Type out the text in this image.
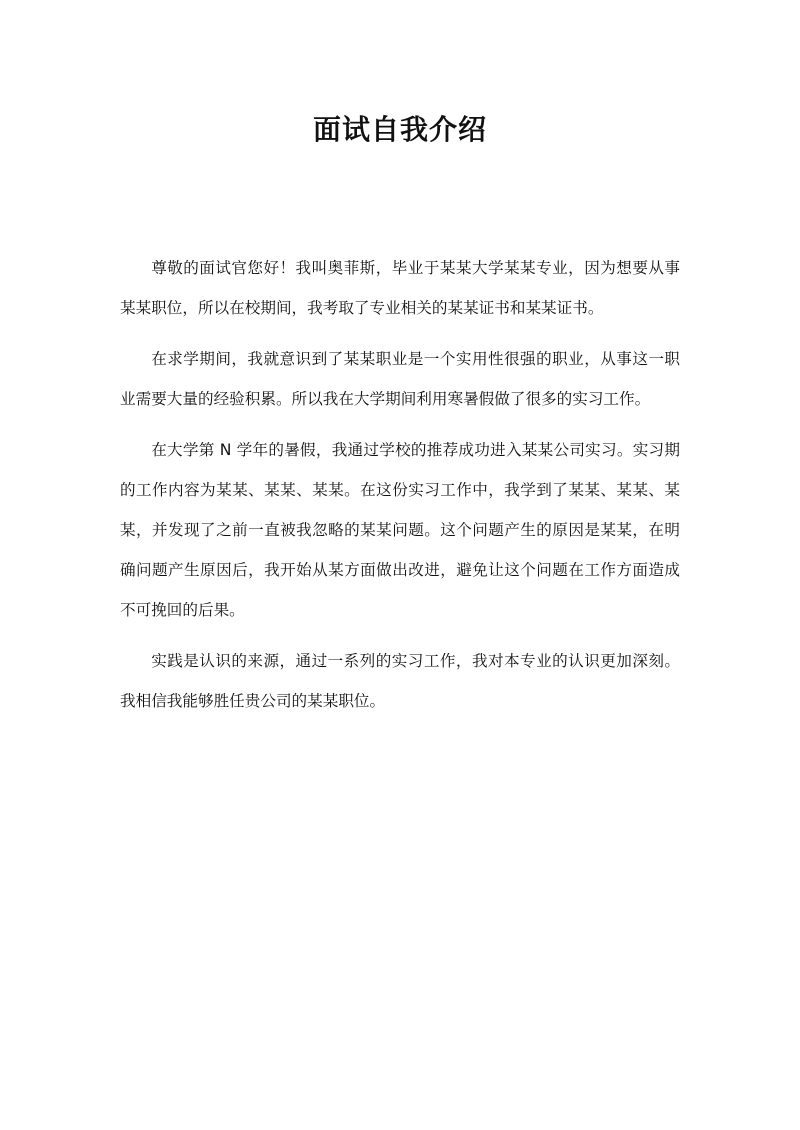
面试自我介绍

尊敬的面试官您好！我叫奥菲斯，毕业于某某大学某某专业，因为想要从事某某职位，所以在校期间，我考取了专业相关的某某证书和某某证书。

在求学期间，我就意识到了某某职业是一个实用性很强的职业，从事这一职业需要大量的经验积累。所以我在大学期间利用寒暑假做了很多的实习工作。

在大学第 N 学年的暑假，我通过学校的推荐成功进入某某公司实习。实习期的工作内容为某某、某某、某某。在这份实习工作中，我学到了某某、某某、某某，并发现了之前一直被我忽略的某某问题。这个问题产生的原因是某某，在明确问题产生原因后，我开始从某方面做出改进，避免让这个问题在工作方面造成不可挽回的后果。

实践是认识的来源，通过一系列的实习工作，我对本专业的认识更加深刻。我相信我能够胜任贵公司的某某职位。
